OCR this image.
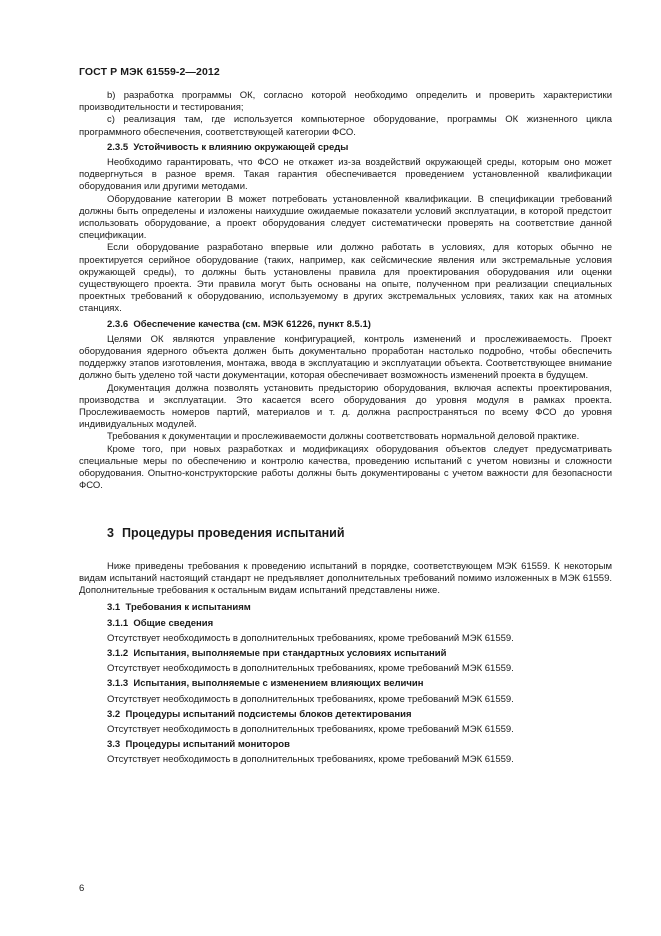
ГОСТ Р МЭК 61559-2—2012

b) разработка программы ОК, согласно которой необходимо определить и проверить характеристики производительности и тестирования;

c) реализация там, где используется компьютерное оборудование, программы ОК жизненного цикла программного обеспечения, соответствующей категории ФСО.

2.3.5 Устойчивость к влиянию окружающей среды

Необходимо гарантировать, что ФСО не откажет из-за воздействий окружающей среды, которым оно может подвергнуться в разное время. Такая гарантия обеспечивается проведением установленной квалификации оборудования или другими методами.

Оборудование категории В может потребовать установленной квалификации. В спецификации требований должны быть определены и изложены наихудшие ожидаемые показатели условий эксплуатации, в которой предстоит использовать оборудование, а проект оборудования следует систематически проверять на соответствие данной спецификации.

Если оборудование разработано впервые или должно работать в условиях, для которых обычно не проектируется серийное оборудование (таких, например, как сейсмические явления или экстремальные условия окружающей среды), то должны быть установлены правила для проектирования оборудования или оценки существующего проекта. Эти правила могут быть основаны на опыте, полученном при реализации специальных проектных требований к оборудованию, используемому в других экстремальных условиях, таких как на атомных станциях.

2.3.6 Обеспечение качества (см. МЭК 61226, пункт 8.5.1)

Целями ОК являются управление конфигурацией, контроль изменений и прослеживаемость. Проект оборудования ядерного объекта должен быть документально проработан настолько подробно, чтобы обеспечить поддержку этапов изготовления, монтажа, ввода в эксплуатацию и эксплуатации объекта. Соответствующее внимание должно быть уделено той части документации, которая обеспечивает возможность изменений проекта в будущем.

Документация должна позволять установить предысторию оборудования, включая аспекты проектирования, производства и эксплуатации. Это касается всего оборудования до уровня модуля в рамках проекта. Прослеживаемость номеров партий, материалов и т. д. должна распространяться по всему ФСО до уровня индивидуальных модулей.

Требования к документации и прослеживаемости должны соответствовать нормальной деловой практике.

Кроме того, при новых разработках и модификациях оборудования объектов следует предусматривать специальные меры по обеспечению и контролю качества, проведению испытаний с учетом новизны и сложности оборудования. Опытно-конструкторские работы должны быть документированы с учетом важности для безопасности ФСО.

3 Процедуры проведения испытаний

Ниже приведены требования к проведению испытаний в порядке, соответствующем МЭК 61559. К некоторым видам испытаний настоящий стандарт не предъявляет дополнительных требований помимо изложенных в МЭК 61559. Дополнительные требования к остальным видам испытаний представлены ниже.

3.1 Требования к испытаниям
3.1.1 Общие сведения
Отсутствует необходимость в дополнительных требованиях, кроме требований МЭК 61559.
3.1.2 Испытания, выполняемые при стандартных условиях испытаний
Отсутствует необходимость в дополнительных требованиях, кроме требований МЭК 61559.
3.1.3 Испытания, выполняемые с изменением влияющих величин
Отсутствует необходимость в дополнительных требованиях, кроме требований МЭК 61559.
3.2 Процедуры испытаний подсистемы блоков детектирования
Отсутствует необходимость в дополнительных требованиях, кроме требований МЭК 61559.
3.3 Процедуры испытаний мониторов
Отсутствует необходимость в дополнительных требованиях, кроме требований МЭК 61559.
6
